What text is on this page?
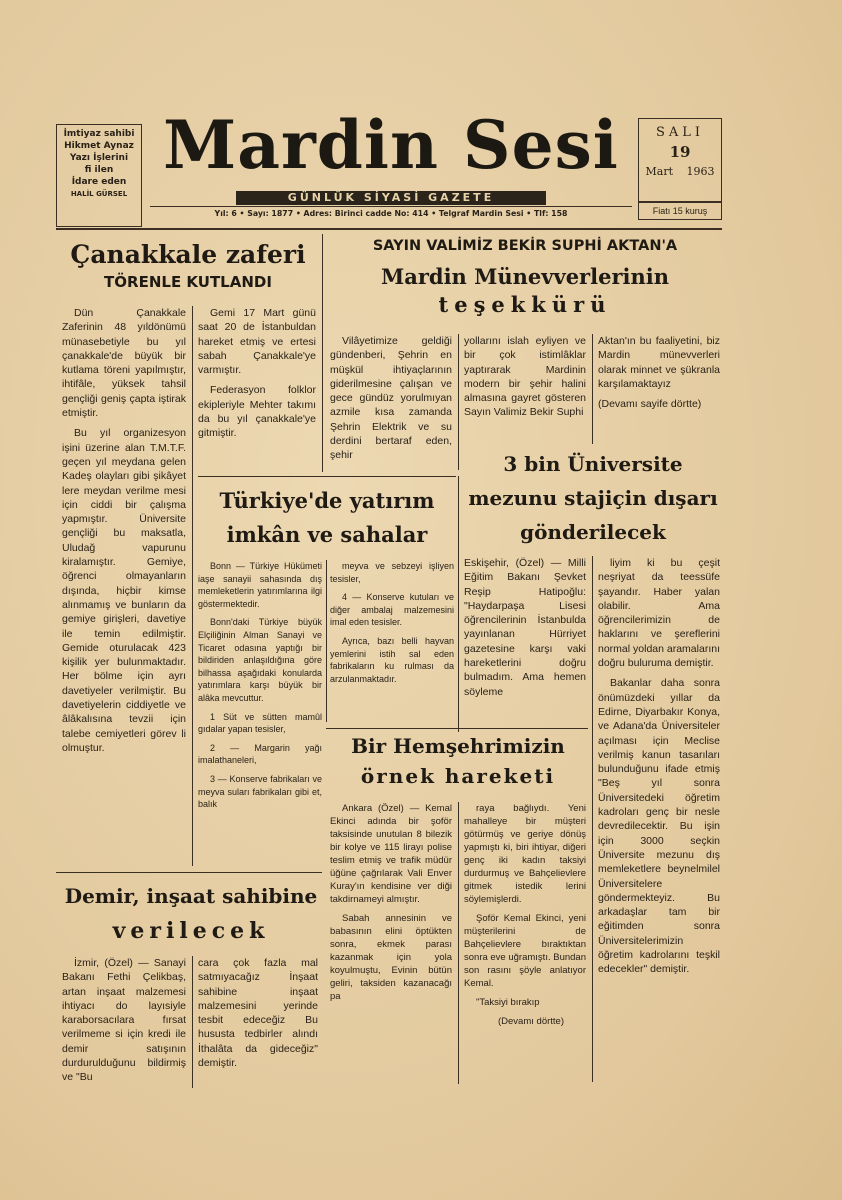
İmtiyaz sahibi
Hikmet Aynaz
Yazı İşlerini
fi ilen
İdare eden
HALİL GÜRSEL
Mardin Sesi
GÜNLÜK SİYASİ GAZETE
Yıl: 6 • Sayı: 1877 • Adres: Birinci cadde No: 414 • Telgraf Mardin Sesi • Tlf: 158
SALI
19
Mart 1963
Fiatı 15 kuruş
Çanakkale zaferi
TÖRENLE KUTLANDI

Dün Çanakkale Zaferinin 48 yıldönümü münasebetiyle bu yıl çanakkale'de büyük bir kutlama töreni yapılmıştır, ihtifâle, yüksek tahsil gençliği geniş çapta iştirak etmiştir.

Bu yıl organizesyon işini üzerine alan T.M.T.F. geçen yıl meydana gelen Kadeş olayları gibi şikâyet lere meydan verilme mesi için ciddi bir çalışma yapmıştır. Üniversite gençliği bu maksatla, Uludağ vapurunu kiralamıştır. Gemiye, öğrenci olmayanların dışında, hiçbir kimse alınmamış ve bunların da gemiye girişleri, davetiye ile temin edilmiştir. Gemide oturulacak 423 kişilik yer bulunmaktadır. Her bölme için ayrı davetiyeler verilmiştir. Bu davetiyelerin ciddiyetle ve âlâkalısına tevzii için talebe cemiyetleri görev li olmuştur.

Gemi 17 Mart günü saat 20 de İstanbuldan hareket etmiş ve ertesi sabah Çanakkale'ye varmıştır.

Federasyon folklor ekipleriyle Mehter takımı da bu yıl çanakkale'ye gitmiştir.

Demir, inşaat sahibine
verilecek

İzmir, (Özel) — Sanayi Bakanı Fethi Çelikbaş, artan inşaat malzemesi ihtiyacı do layısiyle karaborsacılara fırsat verilmeme si için kredi ile demir satışının durdurulduğunu bildirmiş ve "Bu

cara çok fazla mal satmıyacağız İnşaat sahibine inşaat malzemesini yerinde tesbit edeceğiz Bu hususta tedbirler alındı İthalâta da gideceğiz" demiştir.

SAYIN VALİMİZ BEKİR SUPHİ AKTAN'A
Mardin Münevverlerinin
teşekkürü

Vilâyetimize geldiği gündenberi, Şehrin en müşkül ihtiyaçlarının giderilmesine çalışan ve gece gündüz yorulmıyan azmile kısa zamanda Şehrin Elektrik ve su derdini bertaraf eden, şehir

yollarını islah eyliyen ve bir çok istimlâklar yaptırarak Mardinin modern bir şehir halini almasına gayret gösteren Sayın Valimiz Bekir Suphi

Aktan'ın bu faaliyetini, biz Mardin münevverleri olarak minnet ve şükranla karşılamaktayız

(Devamı sayife dörtte)

Türkiye'de yatırım
imkân ve sahalar

Bonn — Türkiye Hükümeti iaşe sanayii sahasında dış memleketlerin yatırımlarına ilgi göstermektedir.

Bonn'daki Türkiye büyük Elçiliğinin Alman Sanayi ve Ticaret odasına yaptığı bir bildiriden anlaşıldığına göre bilhassa aşağıdaki konularda yatırımlara karşı büyük bir alâka mevcuttur.

1 Süt ve sütten mamûl gıdalar yapan tesisler,

2 — Margarin yağı imalathaneleri,

3 — Konserve fabrikaları ve meyva suları fabrikaları gibi et, balık

meyva ve sebzeyi işliyen tesisler,

4 — Konserve kutuları ve diğer ambalaj malzemesini imal eden tesisler.

Ayrıca, bazı belli hayvan yemlerini istih sal eden fabrikaların ku rulması da arzulanmaktadır.

3 bin Üniversite
mezunu stajiçin dışarı
gönderilecek

Eskişehir, (Özel) — Milli Eğitim Bakanı Şevket Reşip Hatipoğlu: "Haydarpaşa Lisesi öğrencilerinin İstanbulda yayınlanan Hürriyet gazetesine karşı vaki hareketlerini doğru bulmadım. Ama hemen söyleme

liyim ki bu çeşit neşriyat da teessüfe şayandır. Haber yalan olabilir. Ama öğrencilerimizin de haklarını ve şereflerini normal yoldan aramalarını doğru buluruma demiştir.

Bakanlar daha sonra önümüzdeki yıllar da Edirne, Diyarbakır Konya, ve Adana'da Üniversiteler açılması için Meclise verilmiş kanun tasarıları bulunduğunu ifade etmiş "Beş yıl sonra Üniversitedeki öğretim kadroları genç bir nesle devredilecektir. Bu işin için 3000 seçkin Üniversite mezunu dış memleketlere beynelmilel Üniversitelere göndermekteyiz. Bu arkadaşlar tam bir eğitimden sonra Üniversitelerimizin öğretim kadrolarını teşkil edecekler" demiştir.

Bir Hemşehrimizin
örnek hareketi

Ankara (Özel) — Kemal Ekinci adında bir şoför taksisinde unutulan 8 bilezik bir kolye ve 115 lirayı polise teslim etmiş ve trafik müdür üğüne çağrılarak Vali Enver Kuray'ın kendisine ver diği takdirnameyi almıştır.

Sabah annesinin ve babasının elini öptükten sonra, ekmek parası kazanmak için yola koyulmuştu, Evinin bütün geliri, taksiden kazanacağı pa

raya bağlıydı. Yeni mahalleye bir müşteri götürmüş ve geriye dönüş yapmıştı ki, biri ihtiyar, diğeri genç iki kadın taksiyi durdurmuş ve Bahçelievlere gitmek istedik lerini söylemişlerdi.

Şoför Kemal Ekinci, yeni müşterilerini de Bahçelievlere bıraktıktan sonra eve uğramıştı. Bundan son rasını şöyle anlatıyor Kemal.

"Taksiyi bırakıp

(Devamı dörtte)
